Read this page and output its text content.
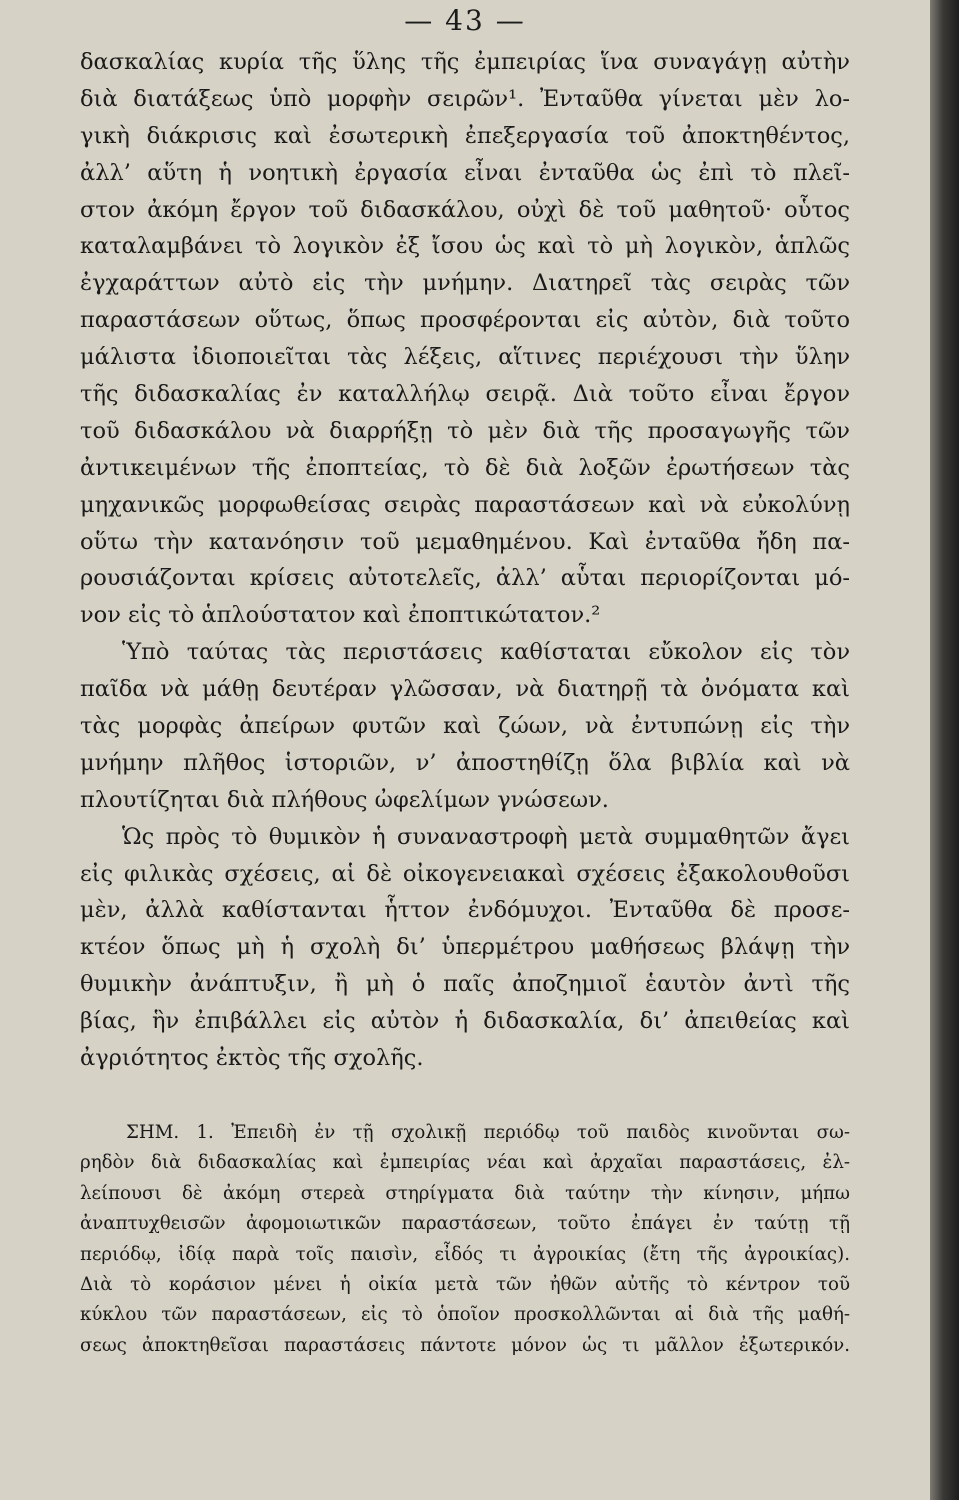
— 43 —
δασκαλίας κυρία τῆς ὕλης τῆς ἐμπειρίας ἵνα συναγάγῃ αὐτὴν
διὰ διατάξεως ὑπὸ μορφὴν σειρῶν¹. Ἐνταῦθα γίνεται μὲν λο-
γικὴ διάκρισις καὶ ἐσωτερικὴ ἐπεξεργασία τοῦ ἀποκτηθέντος,
ἀλλ’ αὕτη ἡ νοητικὴ ἐργασία εἶναι ἐνταῦθα ὡς ἐπὶ τὸ πλεῖ-
στον ἀκόμη ἔργον τοῦ διδασκάλου, οὐχὶ δὲ τοῦ μαθητοῦ· οὗτος
καταλαμβάνει τὸ λογικὸν ἐξ ἴσου ὡς καὶ τὸ μὴ λογικὸν, ἁπλῶς
ἐγχαράττων αὐτὸ εἰς τὴν μνήμην. Διατηρεῖ τὰς σειρὰς τῶν
παραστάσεων οὕτως, ὅπως προσφέρονται εἰς αὐτὸν, διὰ τοῦτο
μάλιστα ἰδιοποιεῖται τὰς λέξεις, αἵτινες περιέχουσι τὴν ὕλην
τῆς διδασκαλίας ἐν καταλλήλῳ σειρᾷ. Διὰ τοῦτο εἶναι ἔργον
τοῦ διδασκάλου νὰ διαρρήξῃ τὸ μὲν διὰ τῆς προσαγωγῆς τῶν
ἀντικειμένων τῆς ἐποπτείας, τὸ δὲ διὰ λοξῶν ἐρωτήσεων τὰς
μηχανικῶς μορφωθείσας σειρὰς παραστάσεων καὶ νὰ εὐκολύνῃ
οὕτω τὴν κατανόησιν τοῦ μεμαθημένου. Καὶ ἐνταῦθα ἤδη πα-
ρουσιάζονται κρίσεις αὐτοτελεῖς, ἀλλ’ αὗται περιορίζονται μό-
νον εἰς τὸ ἁπλούστατον καὶ ἐποπτικώτατον.²
Ὑπὸ ταύτας τὰς περιστάσεις καθίσταται εὔκολον εἰς τὸν
παῖδα νὰ μάθῃ δευτέραν γλῶσσαν, νὰ διατηρῇ τὰ ὀνόματα καὶ
τὰς μορφὰς ἀπείρων φυτῶν καὶ ζώων, νὰ ἐντυπώνῃ εἰς τὴν
μνήμην πλῆθος ἱστοριῶν, ν’ ἀποστηθίζῃ ὅλα βιβλία καὶ νὰ
πλουτίζηται διὰ πλήθους ὠφελίμων γνώσεων.
Ὡς πρὸς τὸ θυμικὸν ἡ συναναστροφὴ μετὰ συμμαθητῶν ἄγει
εἰς φιλικὰς σχέσεις, αἱ δὲ οἰκογενειακαὶ σχέσεις ἐξακολουθοῦσι
μὲν, ἀλλὰ καθίστανται ἧττον ἐνδόμυχοι. Ἐνταῦθα δὲ προσε-
κτέον ὅπως μὴ ἡ σχολὴ δι’ ὑπερμέτρου μαθήσεως βλάψῃ τὴν
θυμικὴν ἀνάπτυξιν, ἢ μὴ ὁ παῖς ἀποζημιοῖ ἑαυτὸν ἀντὶ τῆς
βίας, ἣν ἐπιβάλλει εἰς αὐτὸν ἡ διδασκαλία, δι’ ἀπειθείας καὶ
ἀγριότητος ἐκτὸς τῆς σχολῆς.
ΣΗΜ. 1. Ἐπειδὴ ἐν τῇ σχολικῇ περιόδῳ τοῦ παιδὸς κινοῦνται σω-
ρηδὸν διὰ διδασκαλίας καὶ ἐμπειρίας νέαι καὶ ἀρχαῖαι παραστάσεις, ἐλ-
λείπουσι δὲ ἀκόμη στερεὰ στηρίγματα διὰ ταύτην τὴν κίνησιν, μήπω
ἀναπτυχθεισῶν ἀφομοιωτικῶν παραστάσεων, τοῦτο ἐπάγει ἐν ταύτῃ τῇ
περιόδῳ, ἰδίᾳ παρὰ τοῖς παισὶν, εἶδός τι ἀγροικίας (ἔτη τῆς ἀγροικίας).
Διὰ τὸ κοράσιον μένει ἡ οἰκία μετὰ τῶν ἠθῶν αὐτῆς τὸ κέντρον τοῦ
κύκλου τῶν παραστάσεων, εἰς τὸ ὁποῖον προσκολλῶνται αἱ διὰ τῆς μαθή-
σεως ἀποκτηθεῖσαι παραστάσεις πάντοτε μόνον ὡς τι μᾶλλον ἐξωτερικόν.
